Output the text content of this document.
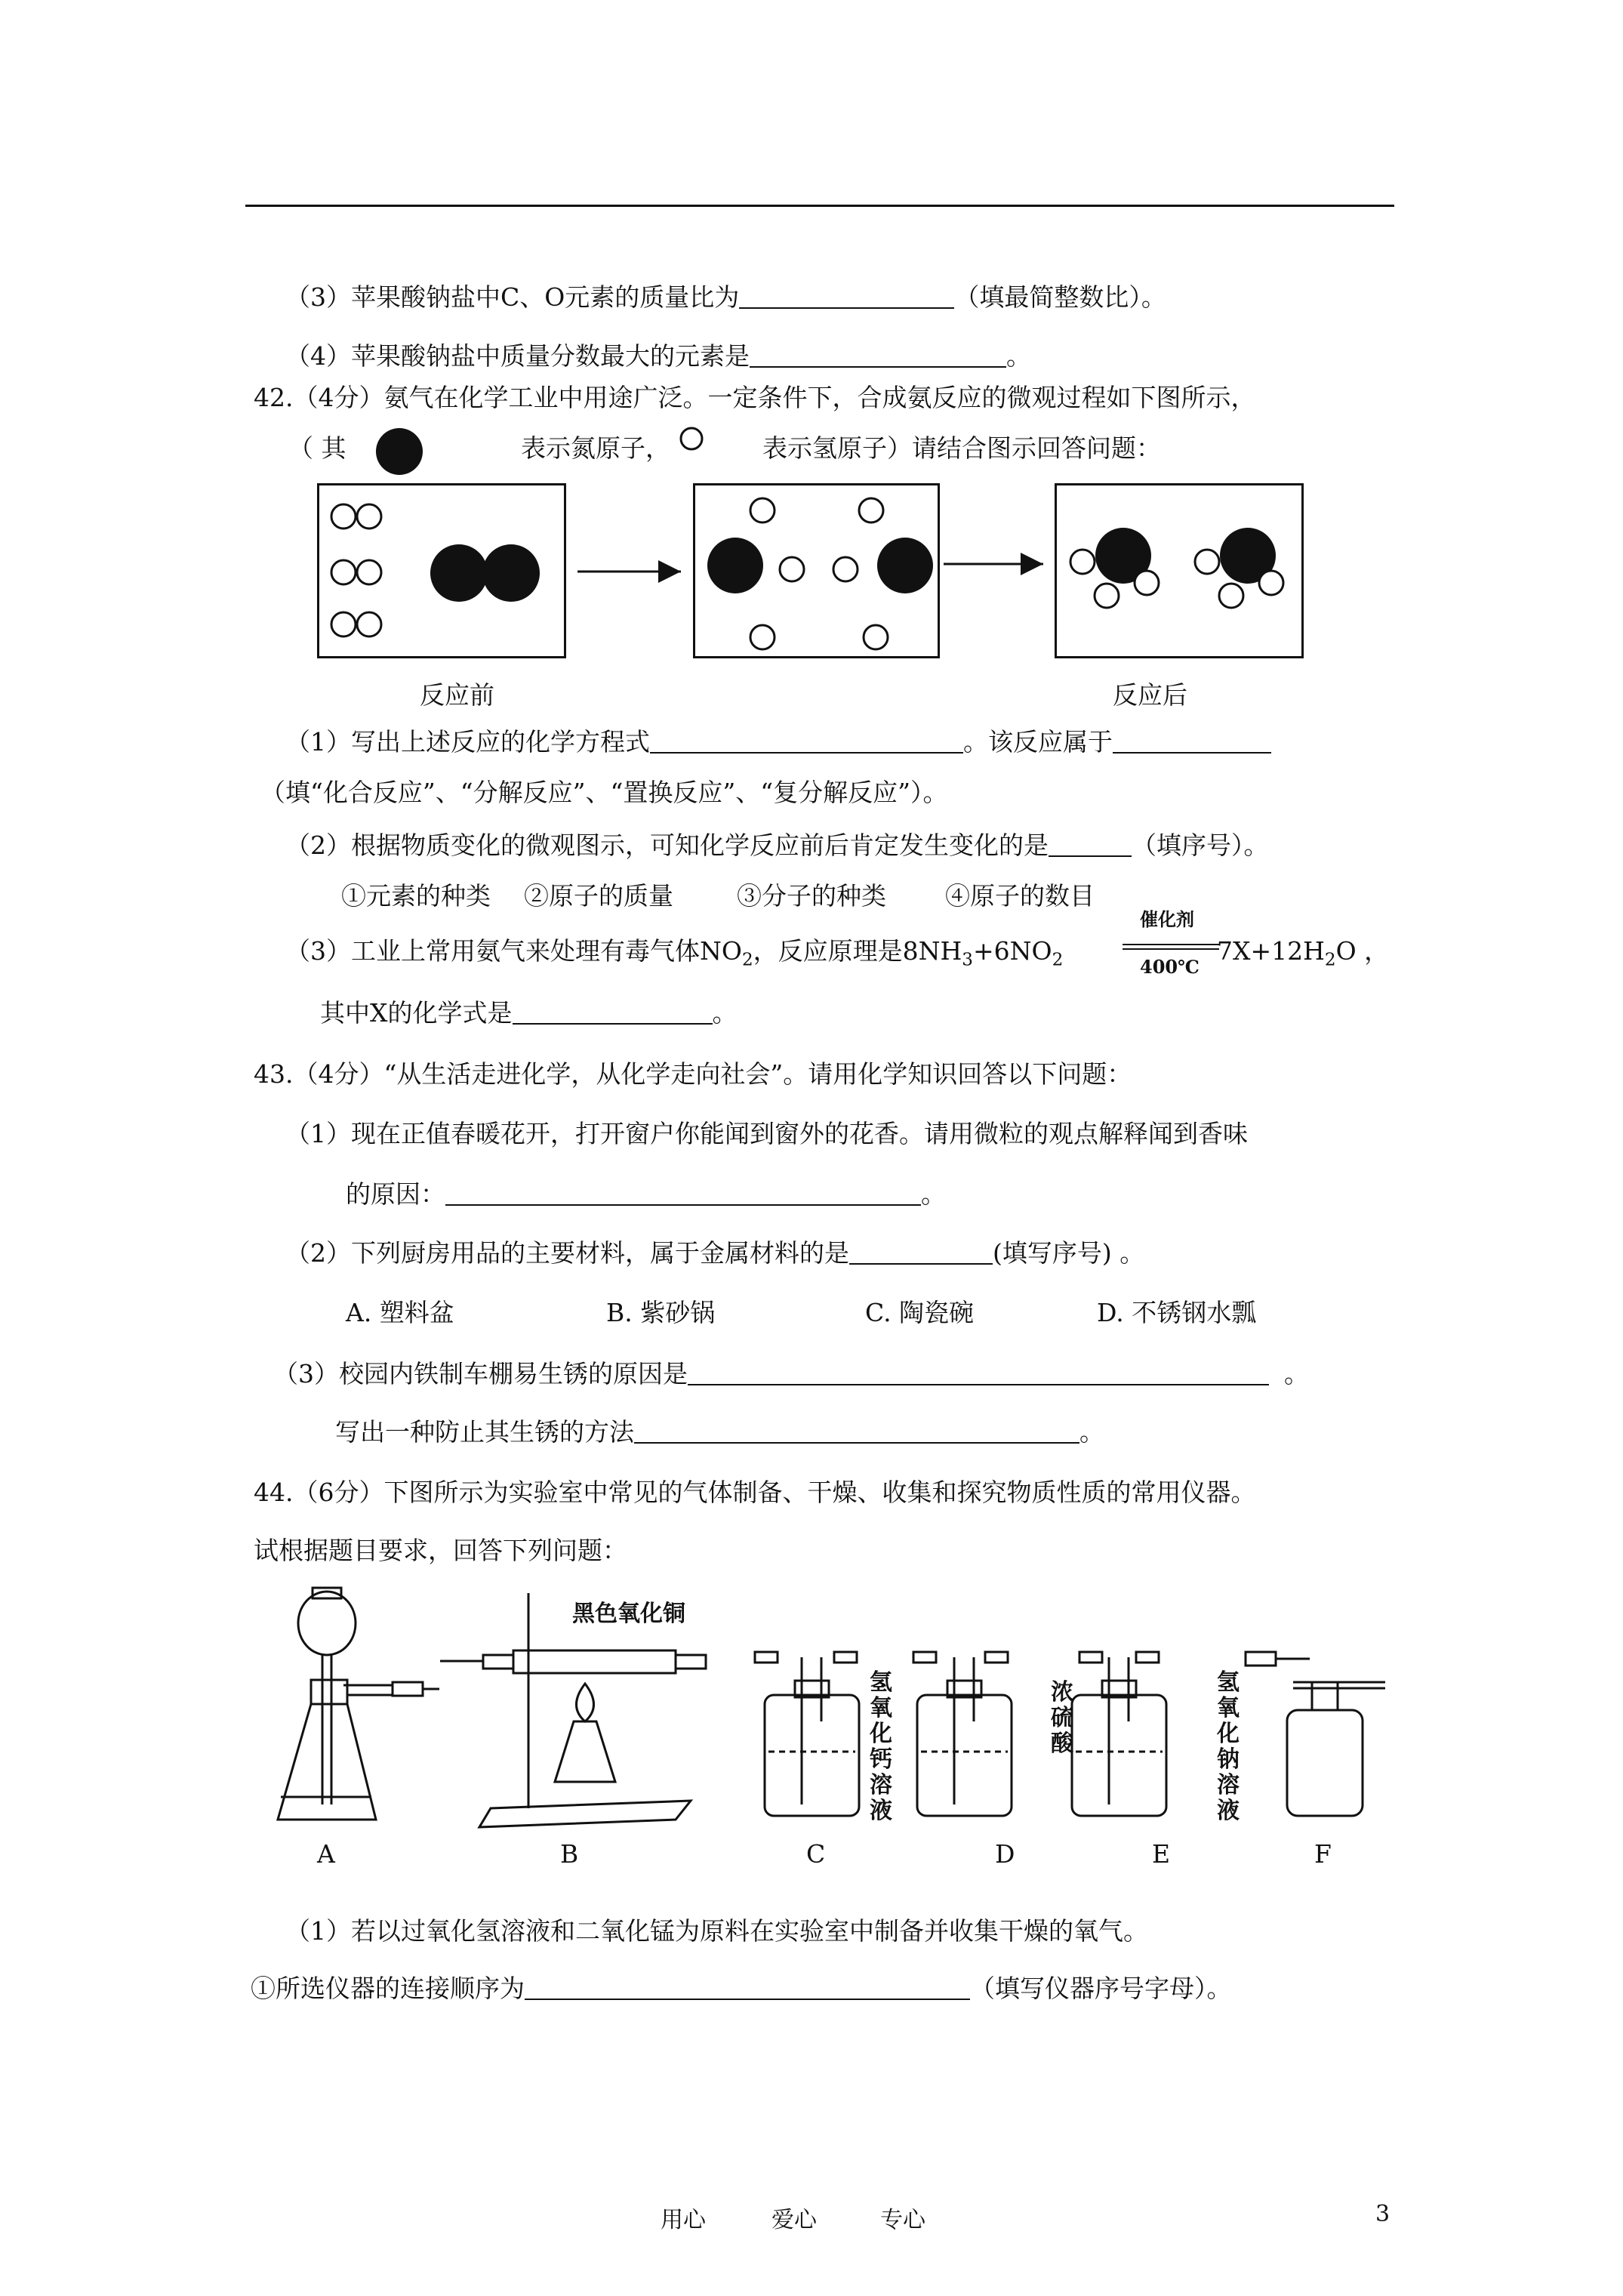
（3）苹果酸钠盐中C、O元素的质量比为	（填最简整数比）。
（4）苹果酸钠盐中质量分数最大的元素是	。
42.（4分）氨气在化学工业中用途广泛。一定条件下，合成氨反应的微观过程如下图所示，
（ 其	表示氮原子，	表示氢原子）请结合图示回答问题：
反应前	反应后
（1）写出上述反应的化学方程式	。该反应属于
（填“化合反应”、“分解反应”、“置换反应”、“复分解反应”）。
（2）根据物质变化的微观图示，可知化学反应前后肯定发生变化的是	（填序号）。
①元素的种类 ②原子的质量	③分子的种类 ④原子的数目
（3）工业上常用氨气来处理有毒气体$NO_2$，反应原理是$8NH_3+6NO_2$
催化剂
400℃
$7X+12H_2O$ ，
其中X的化学式是	。
43.（4分）“从生活走进化学，从化学走向社会”。请用化学知识回答以下问题：
（1）现在正值春暖花开，打开窗户你能闻到窗外的花香。请用微粒的观点解释闻到香味
的原因：	。
（2）下列厨房用品的主要材料，属于金属材料的是	(填写序号) 。
A. 塑料盆	B. 紫砂锅	C. 陶瓷碗	D. 不锈钢水瓢
（3）校园内铁制车棚易生锈的原因是	。
写出一种防止其生锈的方法	。
44.（6分）下图所示为实验室中常见的气体制备、干燥、收集和探究物质性质的常用仪器。
试根据题目要求，回答下列问题：
黑色氧化铜
氢氧化钙溶液
浓硫酸
氢氧化钠溶液
A	B	C	D	E	F
（1）若以过氧化氢溶液和二氧化锰为原料在实验室中制备并收集干燥的氧气。
①所选仪器的连接顺序为	（填写仪器序号字母）。
用心	爱心	专心	3
